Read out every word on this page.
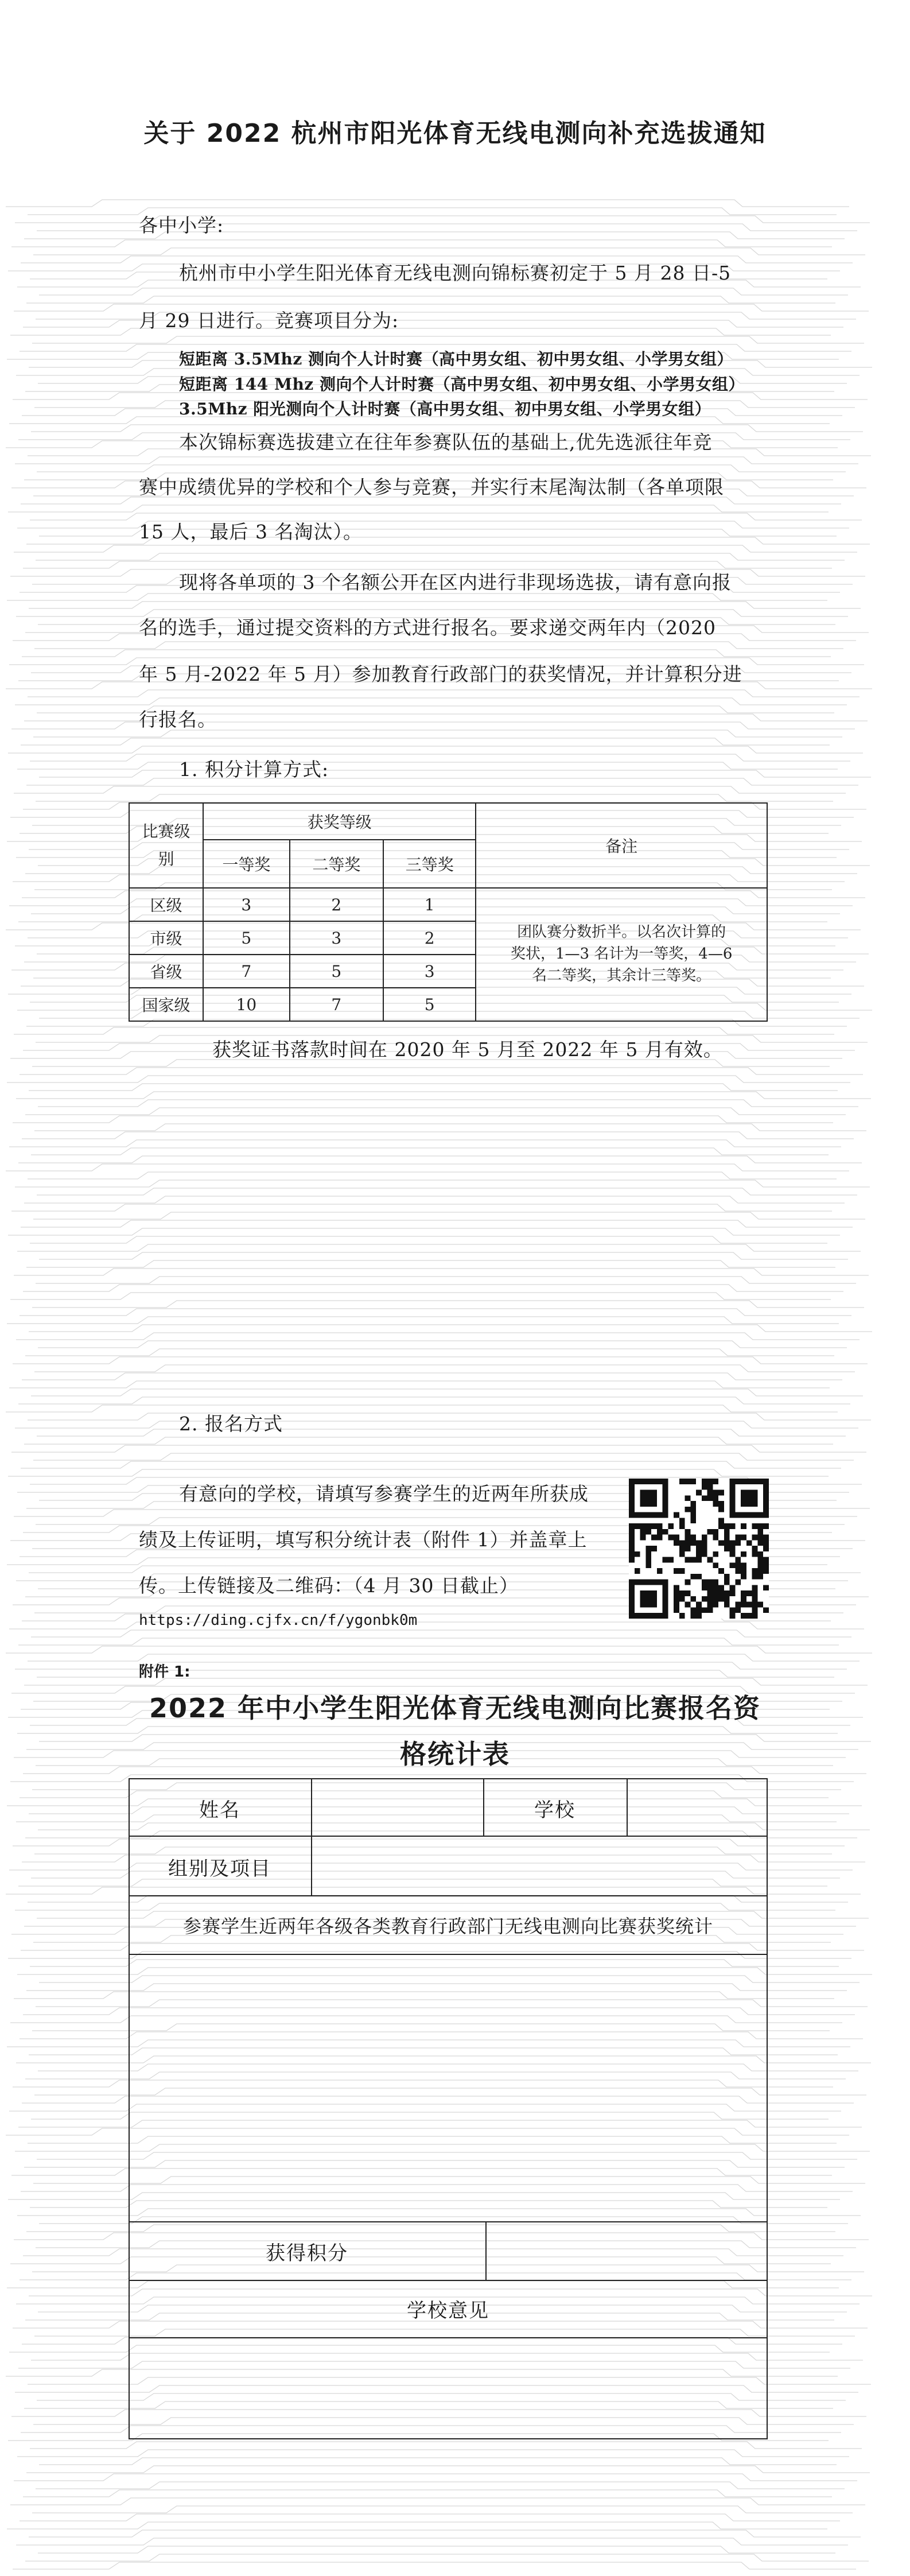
关于 2022 杭州市阳光体育无线电测向补充选拔通知
各中小学:
杭州市中小学生阳光体育无线电测向锦标赛初定于 5 月 28 日-5
月 29 日进行。竞赛项目分为:
短距离 3.5Mhz 测向个人计时赛（高中男女组、初中男女组、小学男女组）
短距离 144 Mhz 测向个人计时赛（高中男女组、初中男女组、小学男女组）
3.5Mhz 阳光测向个人计时赛（高中男女组、初中男女组、小学男女组）
本次锦标赛选拔建立在往年参赛队伍的基础上,优先选派往年竞
赛中成绩优异的学校和个人参与竞赛，并实行末尾淘汰制（各单项限
15 人，最后 3 名淘汰）。
现将各单项的 3 个名额公开在区内进行非现场选拔，请有意向报
名的选手，通过提交资料的方式进行报名。要求递交两年内（2020
年 5 月-2022 年 5 月）参加教育行政部门的获奖情况，并计算积分进
行报名。
1. 积分计算方式:
比赛级别	获奖等级			备注
	一等奖	二等奖	三等奖	
区级	3	2	1	团队赛分数折半。以名次计算的
奖状，1—3 名计为一等奖，4—6
名二等奖，其余计三等奖。

市级	5	3	2	
省级	7	5	3	
国家级	10	7	5	
获奖证书落款时间在 2020 年 5 月至 2022 年 5 月有效。
2. 报名方式
有意向的学校，请填写参赛学生的近两年所获成
绩及上传证明，填写积分统计表（附件 1）并盖章上
传。上传链接及二维码：（4 月 30 日截止）
https://ding.cjfx.cn/f/ygonbk0m
附件 1:
2022 年中小学生阳光体育无线电测向比赛报名资
格统计表
姓名	学校
组别及项目
参赛学生近两年各级各类教育行政部门无线电测向比赛获奖统计
获得积分
学校意见
